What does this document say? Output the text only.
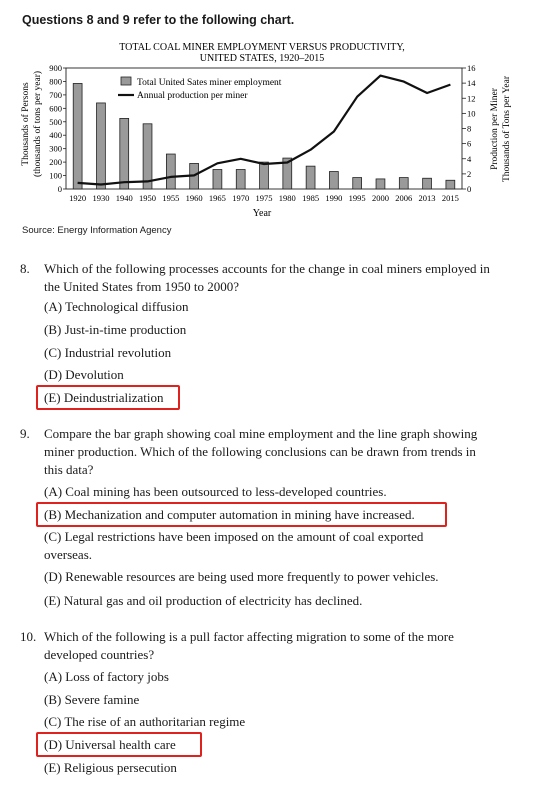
Questions 8 and 9 refer to the following chart.
TOTAL COAL MINER EMPLOYMENT VERSUS PRODUCTIVITY,
UNITED STATES, 1920–2015
Thousands of Persons (thousands of tons per year)	Production per Miner Thousands of Tons per Year
0
100
200
300
400
500
600
700
800
900
0
2
4
6
8
10
12
14
16
1920 1930 1940 1950 1955 1960 1965 1970 1975 1980 1985 1990 1995 2000 2006 2013 2015
Total United Sates miner employment
Annual production per miner
Year
Source: Energy Information Agency
8. Which of the following processes accounts for the change in coal miners employed in the United States from 1950 to 2000?
(A) Technological diffusion
(B) Just-in-time production
(C) Industrial revolution
(D) Devolution
(E) Deindustrialization
9. Compare the bar graph showing coal mine employment and the line graph showing miner production. Which of the following conclusions can be drawn from trends in this data?
(A) Coal mining has been outsourced to less-developed countries.
(B) Mechanization and computer automation in mining have increased.
(C) Legal restrictions have been imposed on the amount of coal exported overseas.
(D) Renewable resources are being used more frequently to power vehicles.
(E) Natural gas and oil production of electricity has declined.
10. Which of the following is a pull factor affecting migration to some of the more developed countries?
(A) Loss of factory jobs
(B) Severe famine
(C) The rise of an authoritarian regime
(D) Universal health care
(E) Religious persecution
